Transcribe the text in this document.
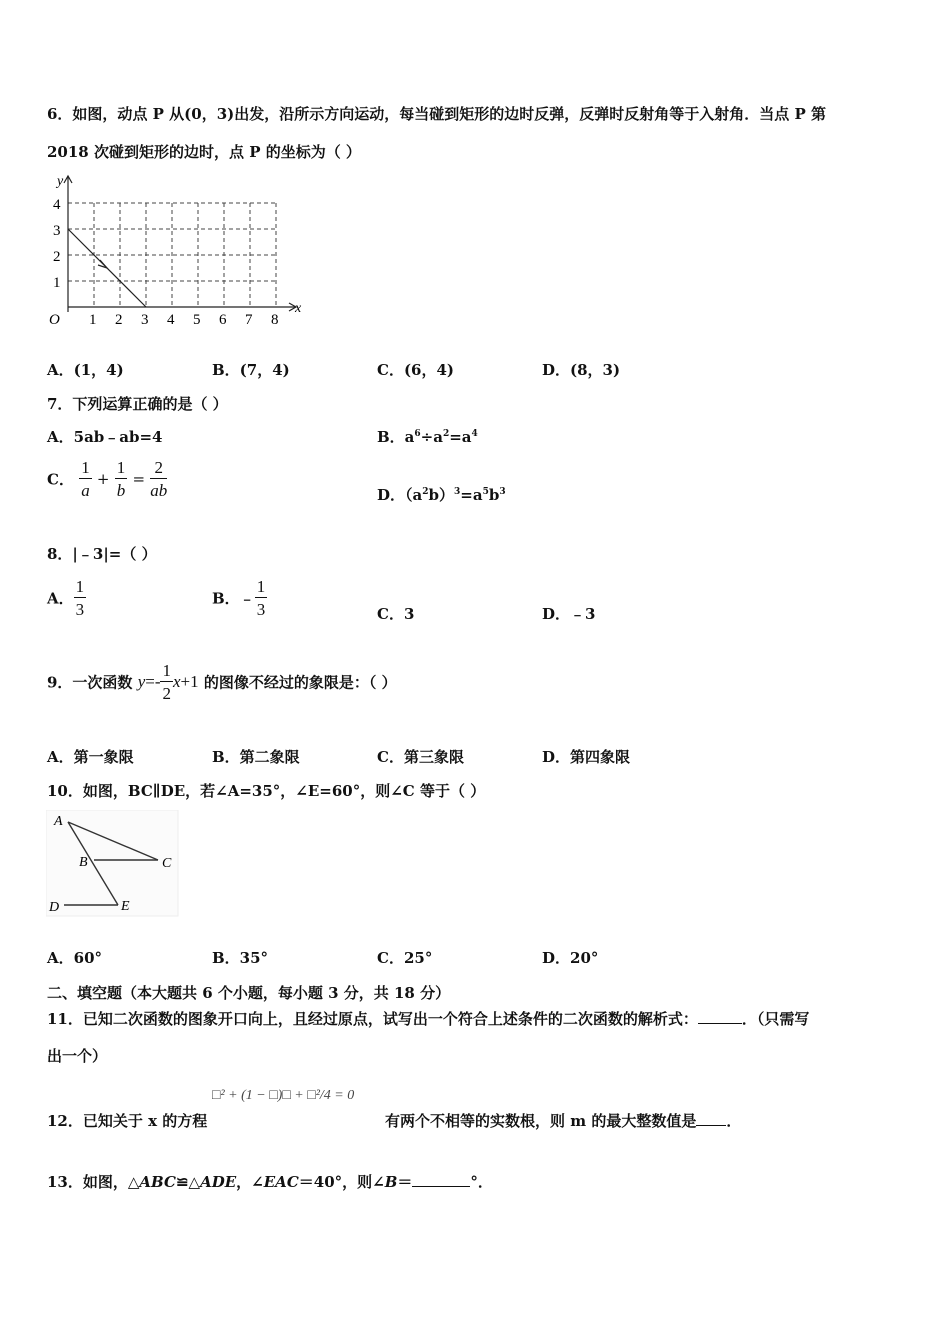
6．如图，动点 P 从(0，3)出发，沿所示方向运动，每当碰到矩形的边时反弹，反弹时反射角等于入射角．当点 P 第
2018 次碰到矩形的边时，点 P 的坐标为（ ）
y
x
O
1
2
3
4
1 2 3 4 5 6 7 8
A．(1，4)	B．(7，4)	C．(6，4)	D．(8，3)
7．下列运算正确的是（ ）
A．5ab﹣ab=4	B．$a^6\div a^2=a^4$
C． $\frac{1}{a} + \frac{1}{b} = \frac{2}{ab}$	D．$(a^2b)^3=a^5b^3$
8．|﹣3|=（ ）
A． $\frac{1}{3}$	B．﹣ $\frac{1}{3}$	C．3	D．﹣3
9．一次函数 $y=- \frac{1}{2} x+1$ 的图像不经过的象限是：（ ）
A．第一象限	B．第二象限	C．第三象限	D．第四象限
10．如图，BC∥DE，若∠A=35°，∠E=60°，则∠C 等于（ ）
A
B	C
D	E
A．60°	B．35°	C．25°	D．20°
二、填空题（本大题共 6 个小题，每小题 3 分，共 18 分）
11．已知二次函数的图象开口向上，且经过原点，试写出一个符合上述条件的二次函数的解析式：	．（只需写
出一个）
12．已知关于 x 的方程
□² + (1 − □)□ + □²/4 = 0
有两个不相等的实数根，则 m 的最大整数值是 ．
13．如图，△ABC≌△ADE，∠EAC＝40°，则∠B＝	°．
